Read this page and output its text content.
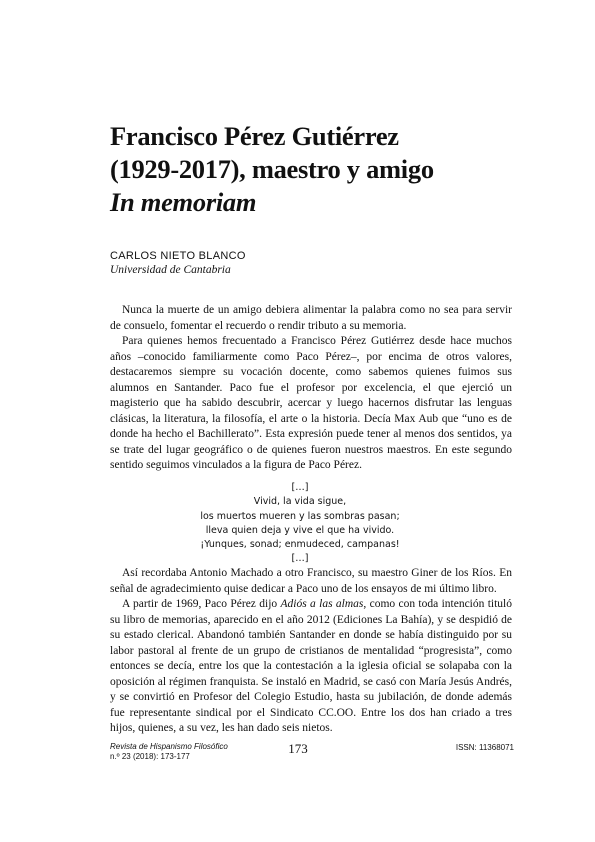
Francisco Pérez Gutiérrez
(1929-2017), maestro y amigo
In memoriam
CARLOS NIETO BLANCO
Universidad de Cantabria

Nunca la muerte de un amigo debiera alimentar la palabra como no sea para servir de consuelo, fomentar el recuerdo o rendir tributo a su memoria.

Para quienes hemos frecuentado a Francisco Pérez Gutiérrez desde hace muchos años –conocido familiarmente como Paco Pérez–, por encima de otros valores, destacaremos siempre su vocación docente, como sabemos quienes fuimos sus alumnos en Santander. Paco fue el profesor por excelencia, el que ejerció un magisterio que ha sabido descubrir, acercar y luego hacernos disfrutar las lenguas clásicas, la literatura, la filosofía, el arte o la historia. Decía Max Aub que “uno es de donde ha hecho el Bachillerato”. Esta expresión puede tener al menos dos sentidos, ya se trate del lugar geográfico o de quienes fueron nuestros maestros. En este segundo sentido seguimos vinculados a la figura de Paco Pérez.

[…]
Vivid, la vida sigue,
los muertos mueren y las sombras pasan;
lleva quien deja y vive el que ha vivido.
¡Yunques, sonad; enmudeced, campanas!
[…]

Así recordaba Antonio Machado a otro Francisco, su maestro Giner de los Ríos. En señal de agradecimiento quise dedicar a Paco uno de los ensayos de mi último libro.

A partir de 1969, Paco Pérez dijo Adiós a las almas, como con toda intención tituló su libro de memorias, aparecido en el año 2012 (Ediciones La Bahía), y se despidió de su estado clerical. Abandonó también Santander en donde se había distinguido por su labor pastoral al frente de un grupo de cristianos de mentalidad “progresista”, como entonces se decía, entre los que la contestación a la iglesia oficial se solapaba con la oposición al régimen franquista. Se instaló en Madrid, se casó con María Jesús Andrés, y se convirtió en Profesor del Colegio Estudio, hasta su jubilación, de donde además fue representante sindical por el Sindicato CC.OO. Entre los dos han criado a tres hijos, quienes, a su vez, les han dado seis nietos.

Revista de Hispanismo Filosófico
n.º 23 (2018): 173-177
173	ISSN: 11368071
